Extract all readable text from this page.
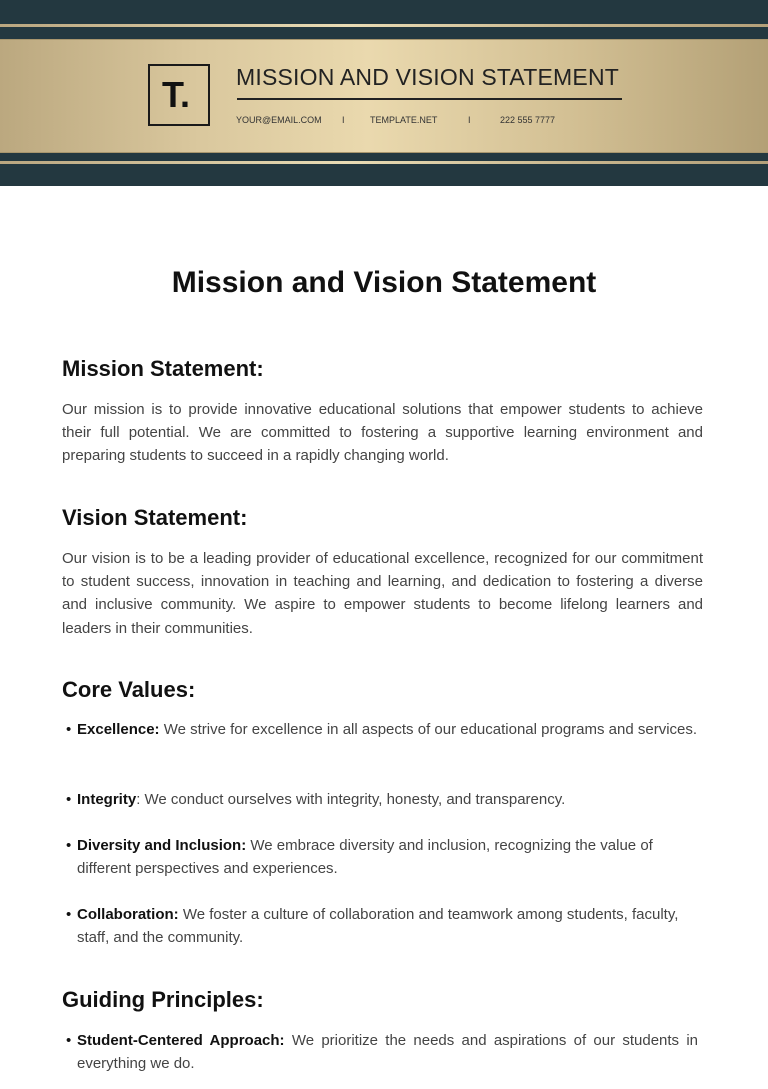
T. MISSION AND VISION STATEMENT
YOUR@EMAIL.COM I	TEMPLATE.NET	I	222 555 7777
Mission and Vision Statement
Mission Statement:

Our mission is to provide innovative educational solutions that empower students to achieve their full potential. We are committed to fostering a supportive learning environment and preparing students to succeed in a rapidly changing world.

Vision Statement:

Our vision is to be a leading provider of educational excellence, recognized for our commitment to student success, innovation in teaching and learning, and dedication to fostering a diverse and inclusive community. We aspire to empower students to become lifelong learners and leaders in their communities.

Core Values:
• Excellence: We strive for excellence in all aspects of our educational programs and services.
• Integrity: We conduct ourselves with integrity, honesty, and transparency.
• Diversity and Inclusion: We embrace diversity and inclusion, recognizing the value of different perspectives and experiences.
• Collaboration: We foster a culture of collaboration and teamwork among students, faculty, staff, and the community.
Guiding Principles:
• Student-Centered Approach: We prioritize the needs and aspirations of our students in everything we do.
